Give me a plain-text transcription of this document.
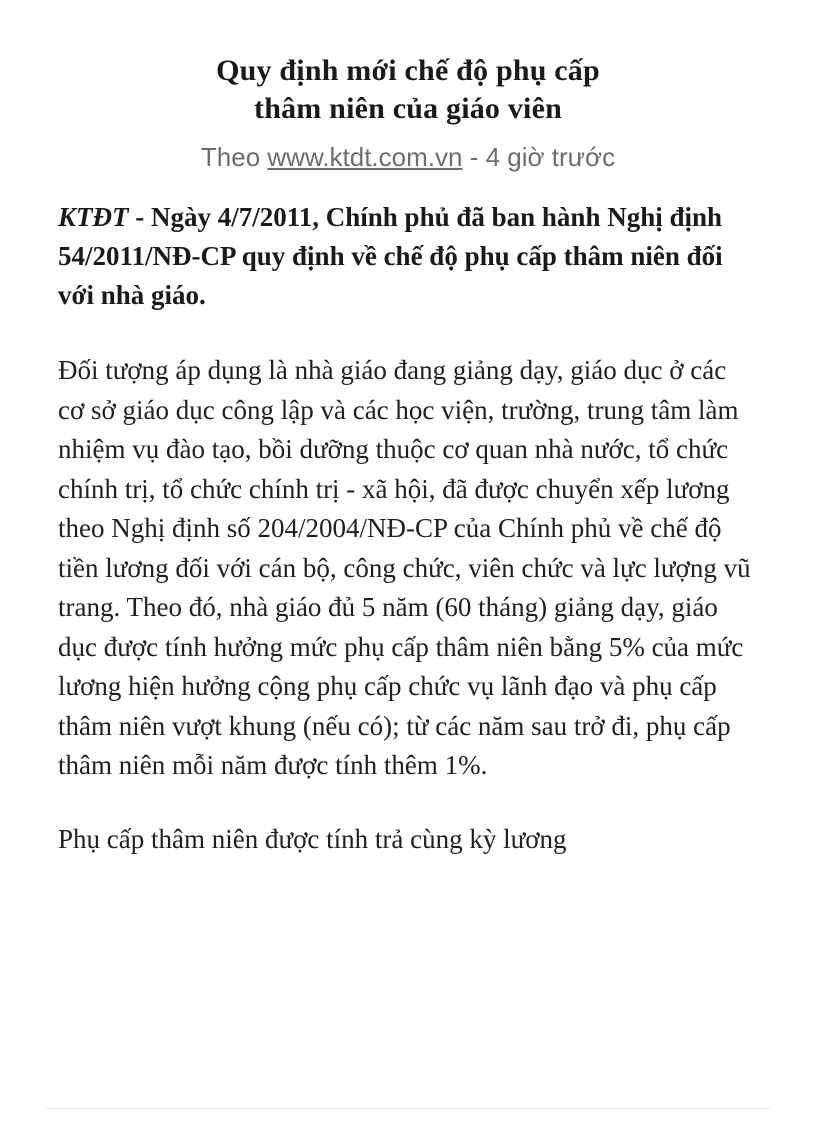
Quy định mới chế độ phụ cấp
thâm niên của giáo viên
Theo www.ktdt.com.vn - 4 giờ trước

KTĐT - Ngày 4/7/2011, Chính phủ đã ban hành Nghị định 54/2011/NĐ-CP quy định về chế độ phụ cấp thâm niên đối với nhà giáo.

Đối tượng áp dụng là nhà giáo đang giảng dạy, giáo dục ở các cơ sở giáo dục công lập và các học viện, trường, trung tâm làm nhiệm vụ đào tạo, bồi dưỡng thuộc cơ quan nhà nước, tổ chức chính trị, tổ chức chính trị - xã hội, đã được chuyển xếp lương theo Nghị định số 204/2004/NĐ-CP của Chính phủ về chế độ tiền lương đối với cán bộ, công chức, viên chức và lực lượng vũ trang. Theo đó, nhà giáo đủ 5 năm (60 tháng) giảng dạy, giáo dục được tính hưởng mức phụ cấp thâm niên bằng 5% của mức lương hiện hưởng cộng phụ cấp chức vụ lãnh đạo và phụ cấp thâm niên vượt khung (nếu có); từ các năm sau trở đi, phụ cấp thâm niên mỗi năm được tính thêm 1%.

Phụ cấp thâm niên được tính trả cùng kỳ lương
